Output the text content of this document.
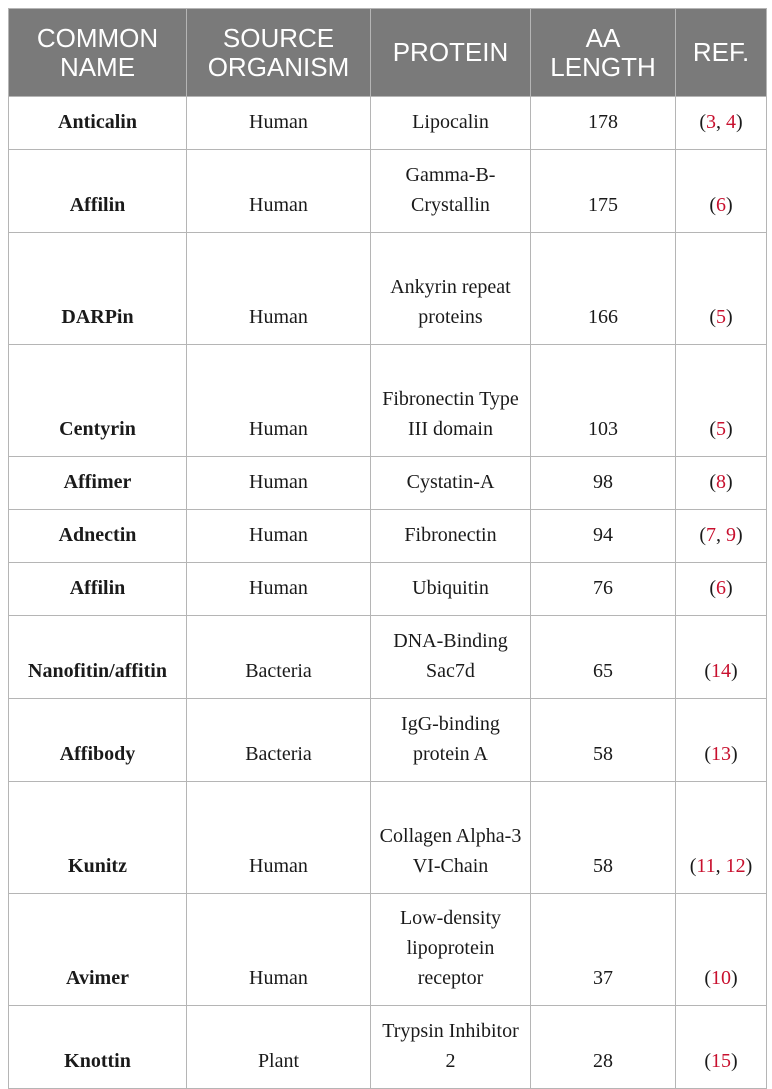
COMMON NAME	SOURCE ORGANISM	PROTEIN	AA LENGTH	REF.
Anticalin	Human	Lipocalin	178	(3, 4)
Affilin	Human	Gamma-B-Crystallin	175	(6)
DARPin	Human	Ankyrin repeat proteins	166	(5)
Centyrin	Human	Fibronectin Type III domain	103	(5)
Affimer	Human	Cystatin-A	98	(8)
Adnectin	Human	Fibronectin	94	(7, 9)
Affilin	Human	Ubiquitin	76	(6)
Nanofitin/affitin	Bacteria	DNA-Binding Sac7d	65	(14)
Affibody	Bacteria	IgG-binding protein A	58	(13)
Kunitz	Human	Collagen Alpha-3 VI-Chain	58	(11, 12)
Avimer	Human	Low-density lipoprotein receptor	37	(10)
Knottin	Plant	Trypsin Inhibitor 2	28	(15)
